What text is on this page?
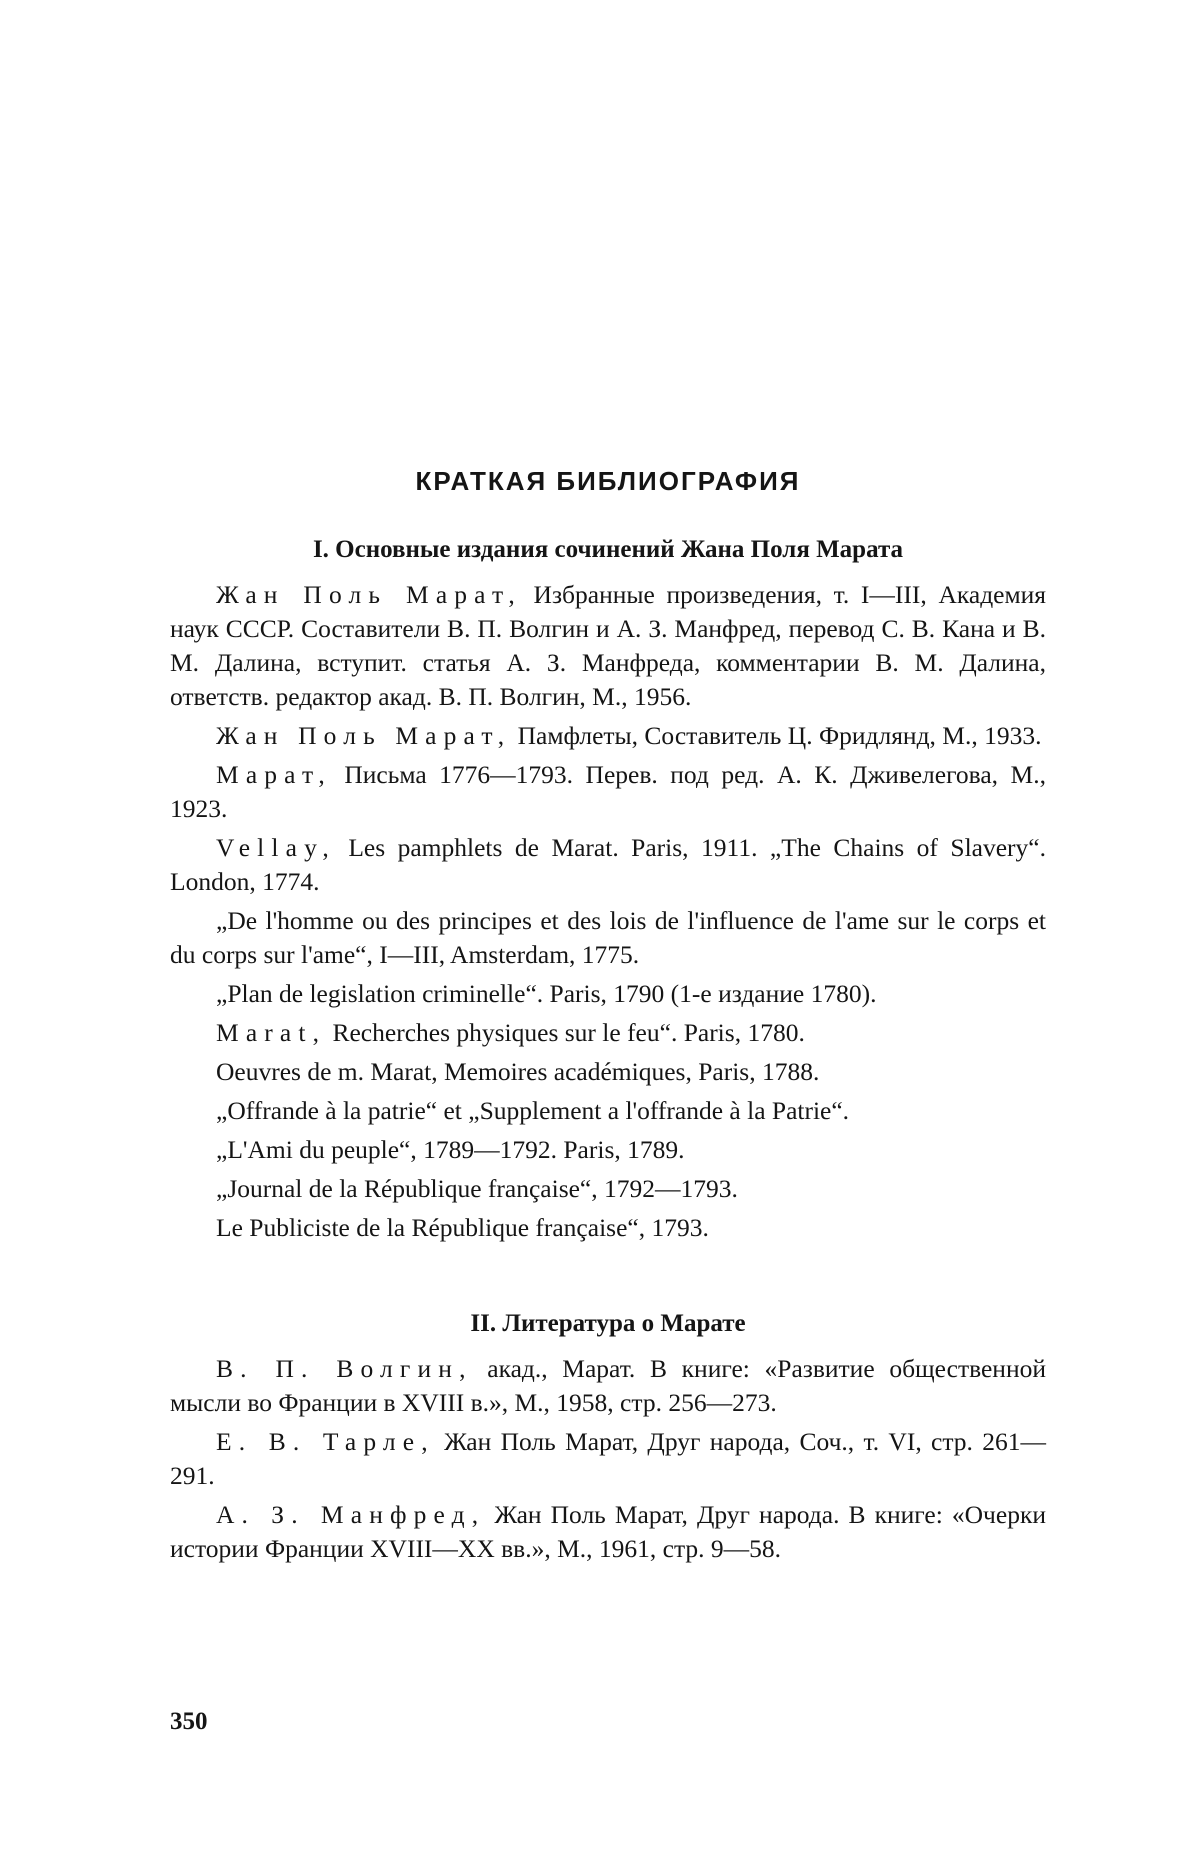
КРАТКАЯ БИБЛИОГРАФИЯ
I. Основные издания сочинений Жана Поля Марата

Жан Поль Марат, Избранные произведения, т. I—III, Академия наук СССР. Составители В. П. Волгин и А. З. Манфред, перевод С. В. Кана и В. М. Далина, вступит. статья А. З. Манфреда, комментарии В. М. Далина, ответств. редактор акад. В. П. Волгин, М., 1956.

Жан Поль Марат, Памфлеты, Составитель Ц. Фридлянд, М., 1933.

Марат, Письма 1776—1793. Перев. под ред. А. К. Дживелегова, М., 1923.

Vellay, Les pamphlets de Marat. Paris, 1911. „The Chains of Slavery“. London, 1774.

„De l'homme ou des principes et des lois de l'influence de l'ame sur le corps et du corps sur l'ame“, I—III, Amsterdam, 1775.

„Plan de legislation criminelle“. Paris, 1790 (1-е издание 1780).

Marat, Recherches physiques sur le feu“. Paris, 1780.

Oeuvres de m. Marat, Memoires académiques, Paris, 1788.

„Offrande à la patrie“ et „Supplement a l'offrande à la Patrie“.

„L'Ami du peuple“, 1789—1792. Paris, 1789.

„Journal de la République française“, 1792—1793.

Le Publiciste de la République française“, 1793.

II. Литература о Марате

В. П. Волгин, акад., Марат. В книге: «Развитие общественной мысли во Франции в XVIII в.», М., 1958, стр. 256—273.

Е. В. Тарле, Жан Поль Марат, Друг народа, Соч., т. VI, стр. 261—291.

А. З. Манфред, Жан Поль Марат, Друг народа. В книге: «Очерки истории Франции XVIII—XX вв.», М., 1961, стр. 9—58.

350
